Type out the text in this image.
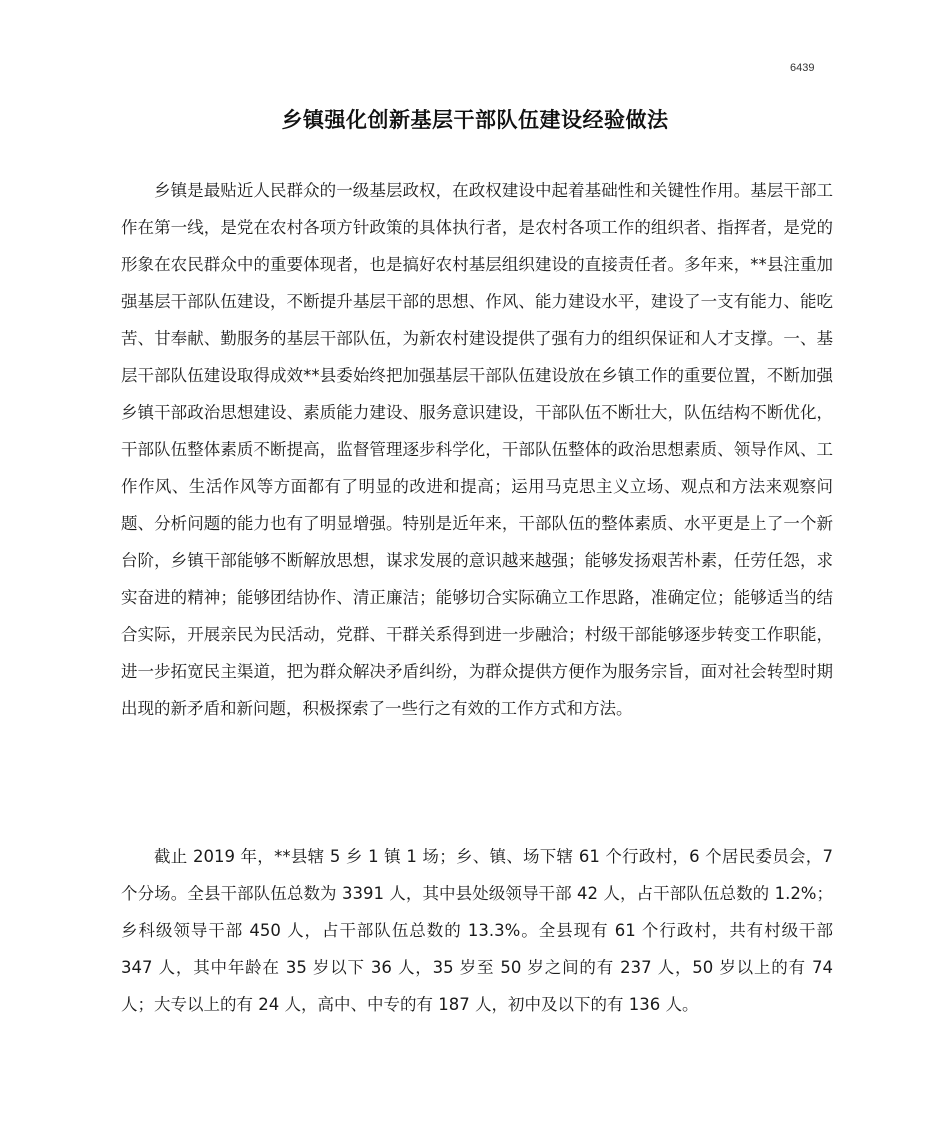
6439
乡镇强化创新基层干部队伍建设经验做法

乡镇是最贴近人民群众的一级基层政权，在政权建设中起着基础性和关键性作用。基层干部工作在第一线，是党在农村各项方针政策的具体执行者，是农村各项工作的组织者、指挥者，是党的形象在农民群众中的重要体现者，也是搞好农村基层组织建设的直接责任者。多年来，**县注重加强基层干部队伍建设，不断提升基层干部的思想、作风、能力建设水平，建设了一支有能力、能吃苦、甘奉献、勤服务的基层干部队伍，为新农村建设提供了强有力的组织保证和人才支撑。一、基层干部队伍建设取得成效**县委始终把加强基层干部队伍建设放在乡镇工作的重要位置，不断加强乡镇干部政治思想建设、素质能力建设、服务意识建设，干部队伍不断壮大，队伍结构不断优化，干部队伍整体素质不断提高，监督管理逐步科学化，干部队伍整体的政治思想素质、领导作风、工作作风、生活作风等方面都有了明显的改进和提高；运用马克思主义立场、观点和方法来观察问题、分析问题的能力也有了明显增强。特别是近年来，干部队伍的整体素质、水平更是上了一个新台阶，乡镇干部能够不断解放思想，谋求发展的意识越来越强；能够发扬艰苦朴素，任劳任怨，求实奋进的精神；能够团结协作、清正廉洁；能够切合实际确立工作思路，准确定位；能够适当的结合实际，开展亲民为民活动，党群、干群关系得到进一步融洽；村级干部能够逐步转变工作职能，进一步拓宽民主渠道，把为群众解决矛盾纠纷，为群众提供方便作为服务宗旨，面对社会转型时期出现的新矛盾和新问题，积极探索了一些行之有效的工作方式和方法。

截止 2019 年，**县辖 5 乡 1 镇 1 场；乡、镇、场下辖 61 个行政村，6 个居民委员会，7 个分场。全县干部队伍总数为 3391 人，其中县处级领导干部 42 人，占干部队伍总数的 1.2%；乡科级领导干部 450 人，占干部队伍总数的 13.3%。全县现有 61 个行政村，共有村级干部 347 人，其中年龄在 35 岁以下 36 人，35 岁至 50 岁之间的有 237 人，50 岁以上的有 74 人；大专以上的有 24 人，高中、中专的有 187 人，初中及以下的有 136 人。
